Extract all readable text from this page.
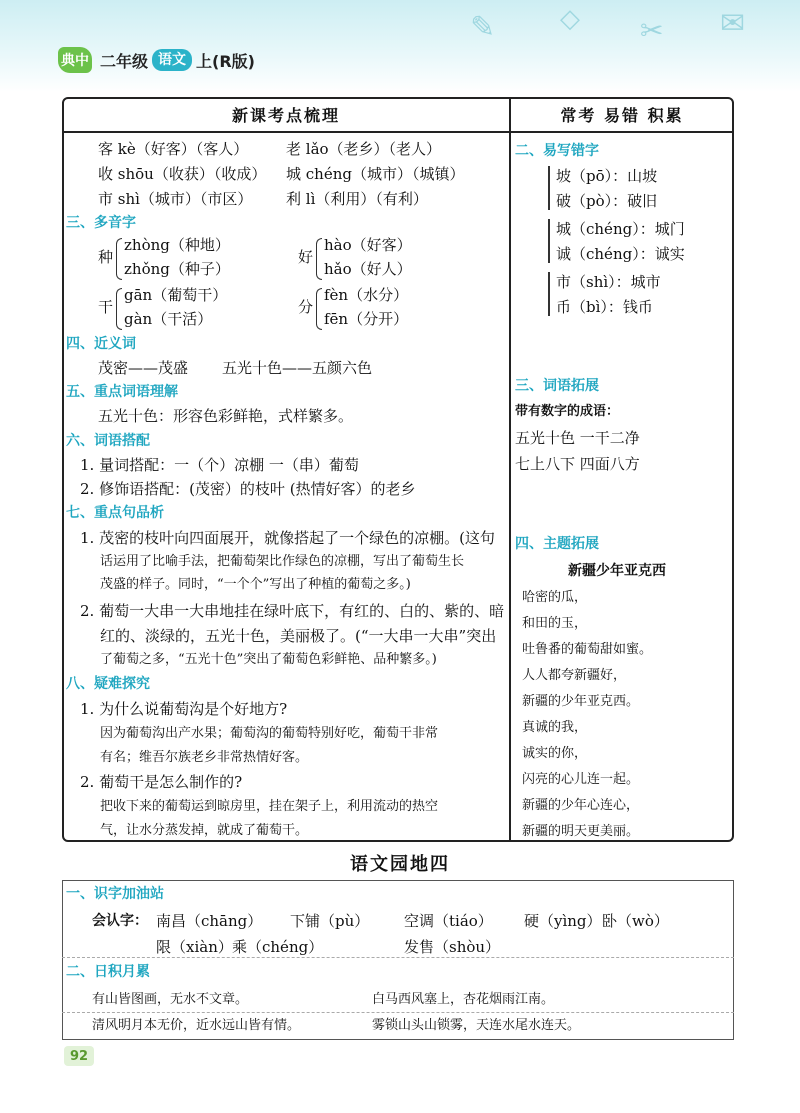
✎ ◇ ✂ ✉
典中 二年级 语文 上(R版)
新课考点梳理	常考 易错 积累
客 kè（好客）（客人）	老 lǎo（老乡）（老人）
收 shōu（收获）（收成） 城 chéng（城市）（城镇）
市 shì（城市）（市区） 利 lì（利用）（有利）
三、多音字
种
zhòng（种地）
zhǒng（种子）
好
hào（好客）
hǎo（好人）
干
gān（葡萄干）
gàn（干活）
分
fèn（水分）
fēn（分开）
四、近义词
茂密——茂盛 五光十色——五颜六色
五、重点词语理解
五光十色：形容色彩鲜艳，式样繁多。
六、词语搭配
1. 量词搭配：一（个）凉棚 一（串）葡萄
2. 修饰语搭配：(茂密）的枝叶 (热情好客）的老乡
七、重点句品析
1. 茂密的枝叶向四面展开，就像搭起了一个绿色的凉棚。(这句
话运用了比喻手法，把葡萄架比作绿色的凉棚，写出了葡萄生长
茂盛的样子。同时，“一个个”写出了种植的葡萄之多。)
2. 葡萄一大串一大串地挂在绿叶底下，有红的、白的、紫的、暗
红的、淡绿的，五光十色，美丽极了。(“一大串一大串”突出
了葡萄之多，“五光十色”突出了葡萄色彩鲜艳、品种繁多。)
八、疑难探究
1. 为什么说葡萄沟是个好地方?
因为葡萄沟出产水果；葡萄沟的葡萄特别好吃，葡萄干非常
有名；维吾尔族老乡非常热情好客。
2. 葡萄干是怎么制作的?
把收下来的葡萄运到晾房里，挂在架子上，利用流动的热空
气，让水分蒸发掉，就成了葡萄干。
二、易写错字
坡（pō）：山坡
破（pò）：破旧
城（chéng）：城门
诚（chéng）：诚实
市（shì）：城市
币（bì）：钱币
三、词语拓展
带有数字的成语：
五光十色 一干二净
七上八下 四面八方
四、主题拓展
新疆少年亚克西
哈密的瓜，
和田的玉，
吐鲁番的葡萄甜如蜜。
人人都夸新疆好，
新疆的少年亚克西。
真诚的我，
诚实的你，
闪亮的心儿连一起。
新疆的少年心连心，
新疆的明天更美丽。
语文园地四
一、识字加油站
会认字： 南昌（chāng） 下铺（pù） 空调（tiáo） 硬（yìng） 卧（wò）
限（xiàn） 乘（chéng）	发售（shòu）
二、日积月累
有山皆图画，无水不文章。	白马西风塞上，杏花烟雨江南。
清风明月本无价，近水远山皆有情。	雾锁山头山锁雾，天连水尾水连天。
92
